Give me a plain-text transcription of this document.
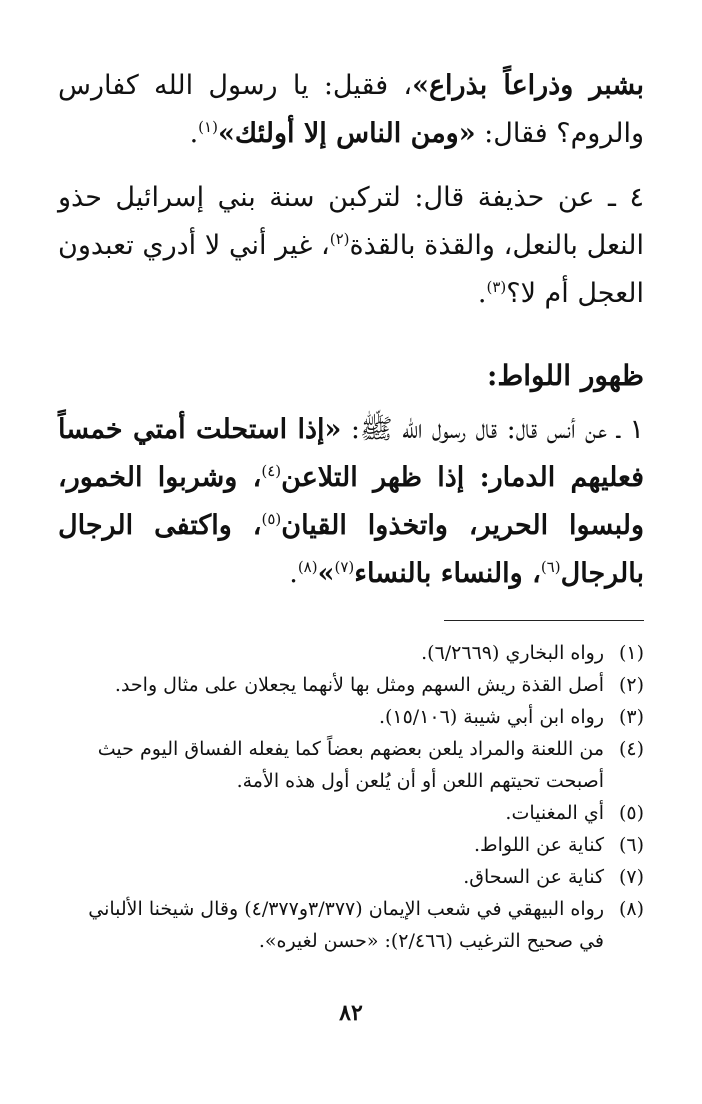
بشبر وذراعاً بذراع»، فقيل: يا رسول الله كفارس والروم؟ فقال: «ومن الناس إلا أولئك»$^{(١)}$.

٤ ـ عن حذيفة قال: لتركبن سنة بني إسرائيل حذو النعل بالنعل، والقذة بالقذة$^{(٢)}$، غير أني لا أدري تعبدون العجل أم لا؟$^{(٣)}$.

ظهور اللواط:

١ ـ عن أنس قال: قال رسول الله ﷺ: «إذا استحلت أمتي خمساً فعليهم الدمار: إذا ظهر التلاعن$^{(٤)}$، وشربوا الخمور، ولبسوا الحرير، واتخذوا القيان$^{(٥)}$، واكتفى الرجال بالرجال$^{(٦)}$، والنساء بالنساء$^{(٧)}$»$^{(٨)}$.

(١)
رواه البخاري (٦/٢٦٦٩).
(٢)
أصل القذة ريش السهم ومثل بها لأنهما يجعلان على مثال واحد.
(٣)
رواه ابن أبي شيبة (١٥/١٠٦).
(٤)
من اللعنة والمراد يلعن بعضهم بعضاً كما يفعله الفساق اليوم حيث أصبحت تحيتهم اللعن أو أن يُلعن أول هذه الأمة.
(٥)
أي المغنيات.
(٦)
كناية عن اللواط.
(٧)
كناية عن السحاق.
(٨)
رواه البيهقي في شعب الإيمان (٣/٣٧٧و٤/٣٧٧) وقال شيخنا الألباني في صحيح الترغيب (٢/٤٦٦): «حسن لغيره».
٨٢
